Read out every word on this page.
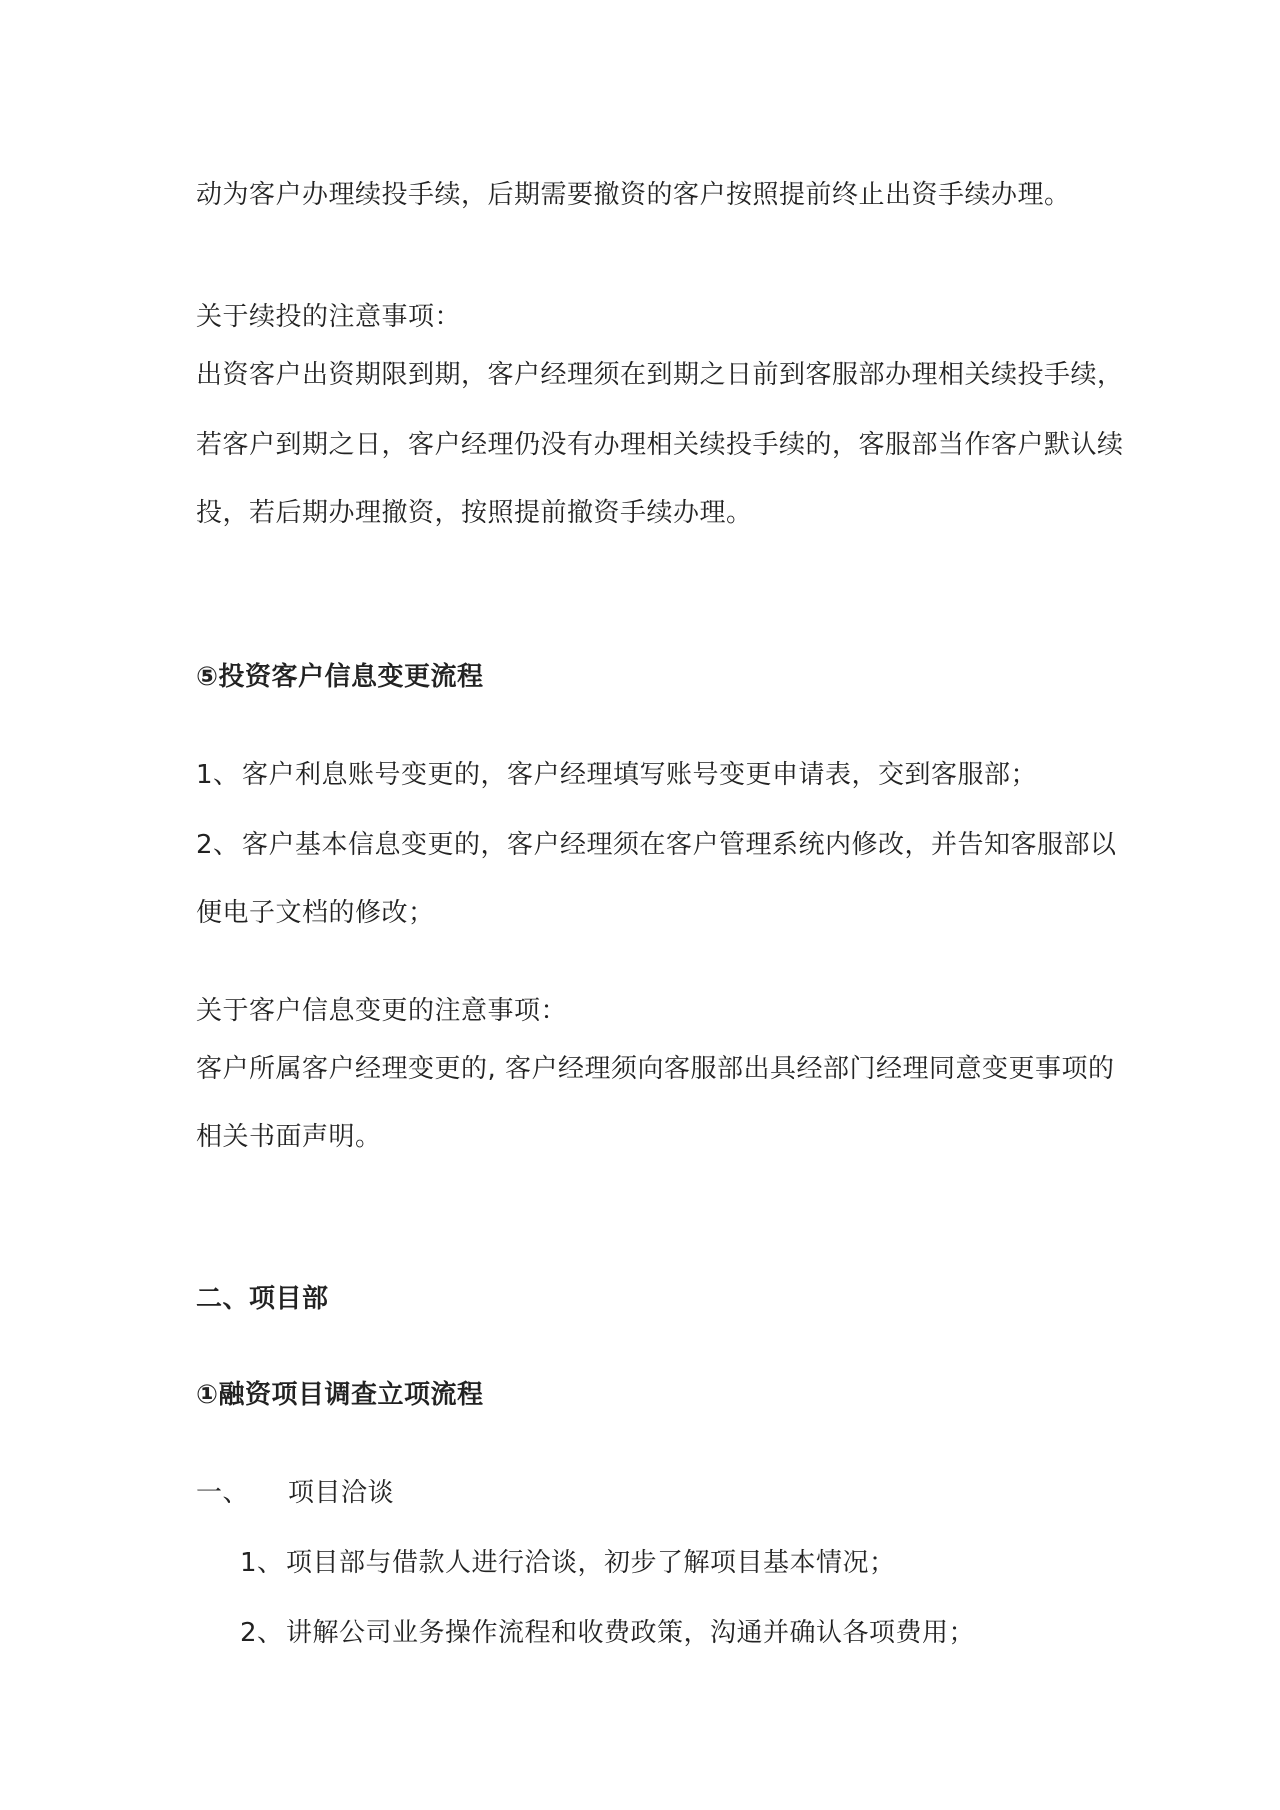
动为客户办理续投手续，后期需要撤资的客户按照提前终止出资手续办理。
关于续投的注意事项：
出资客户出资期限到期，客户经理须在到期之日前到客服部办理相关续投手续，
若客户到期之日，客户经理仍没有办理相关续投手续的，客服部当作客户默认续
投，若后期办理撤资，按照提前撤资手续办理。
⑤投资客户信息变更流程
1、客户利息账号变更的，客户经理填写账号变更申请表，交到客服部；
2、客户基本信息变更的，客户经理须在客户管理系统内修改，并告知客服部以
便电子文档的修改；
关于客户信息变更的注意事项：
客户所属客户经理变更的, 客户经理须向客服部出具经部门经理同意变更事项的
相关书面声明。
二、项目部
①融资项目调查立项流程
一、 项目洽谈
1、项目部与借款人进行洽谈，初步了解项目基本情况；
2、讲解公司业务操作流程和收费政策，沟通并确认各项费用；
